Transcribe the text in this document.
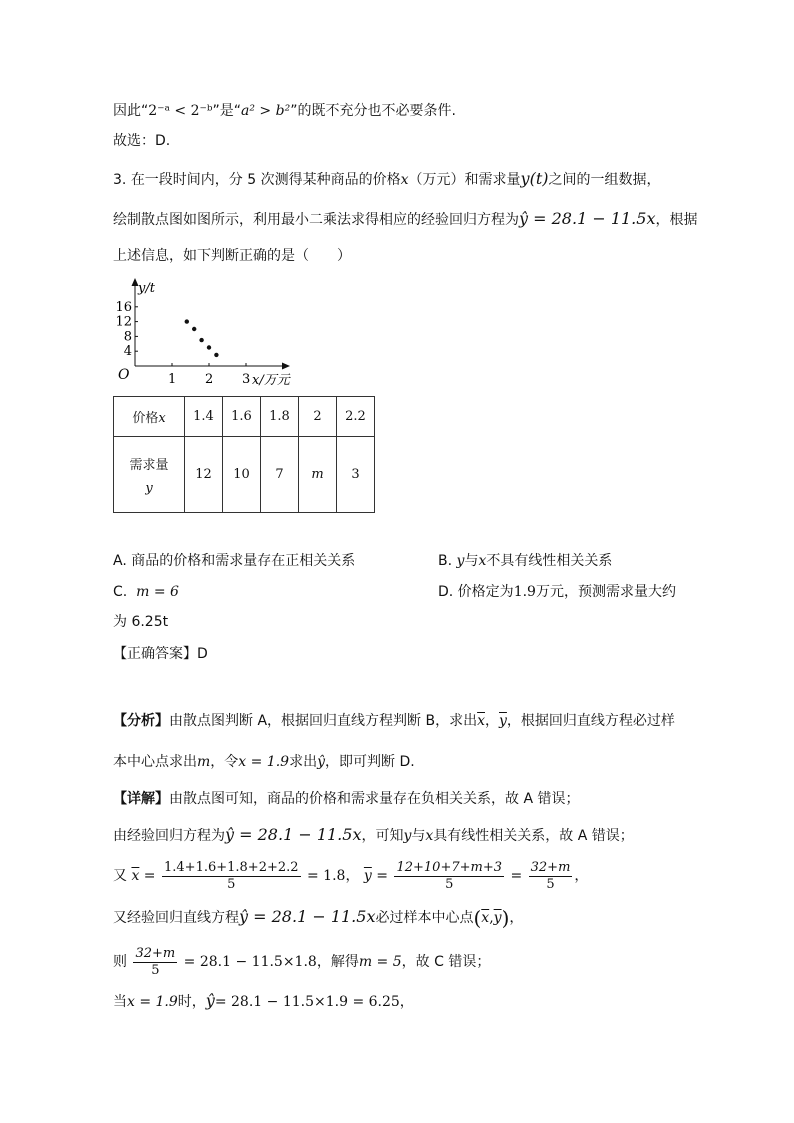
因此“2⁻ᵃ < 2⁻ᵇ”是“a² > b²”的既不充分也不必要条件.
故选：D.
3. 在一段时间内，分 5 次测得某种商品的价格x（万元）和需求量y(t)之间的一组数据，
绘制散点图如图所示，利用最小二乘法求得相应的经验回归方程为ŷ = 28.1 − 11.5x，根据
上述信息，如下判断正确的是（　　）
O
y/t
x/万元
1 2 3
16
12
8
4
价格x	1.4	1.6	1.8	2	2.2

需求量
y	12	10	7	m	3
A. 商品的价格和需求量存在正相关关系	B. y与x不具有线性相关关系
C. m = 6	D. 价格定为1.9万元，预测需求量大约
为 6.25t
【正确答案】D
【分析】由散点图判断 A，根据回归直线方程判断 B，求出$\overline{x}$，$\overline{y}$，根据回归直线方程必过样
本中心点求出m，令x = 1.9求出ŷ，即可判断 D.
【详解】由散点图可知，商品的价格和需求量存在负相关关系，故 A 错误；
由经验回归方程为ŷ = 28.1 − 11.5x，可知y与x具有线性相关关系，故 A 错误；
又 $\overline{x} = \frac{1.4+1.6+1.8+2+2.2}{5} = 1.8$， $\overline{y} = \frac{12+10+7+m+3}{5} = \frac{32+m}{5}$ ，
又经验回归直线方程ŷ = 28.1 − 11.5x必过样本中心点$(\overline{x},\overline{y})$，
则 $\frac{32+m}{5} = 28.1 - 11.5\times 1.8$，解得m = 5，故 C 错误；
当x = 1.9时，ŷ= 28.1 − 11.5×1.9 = 6.25，
